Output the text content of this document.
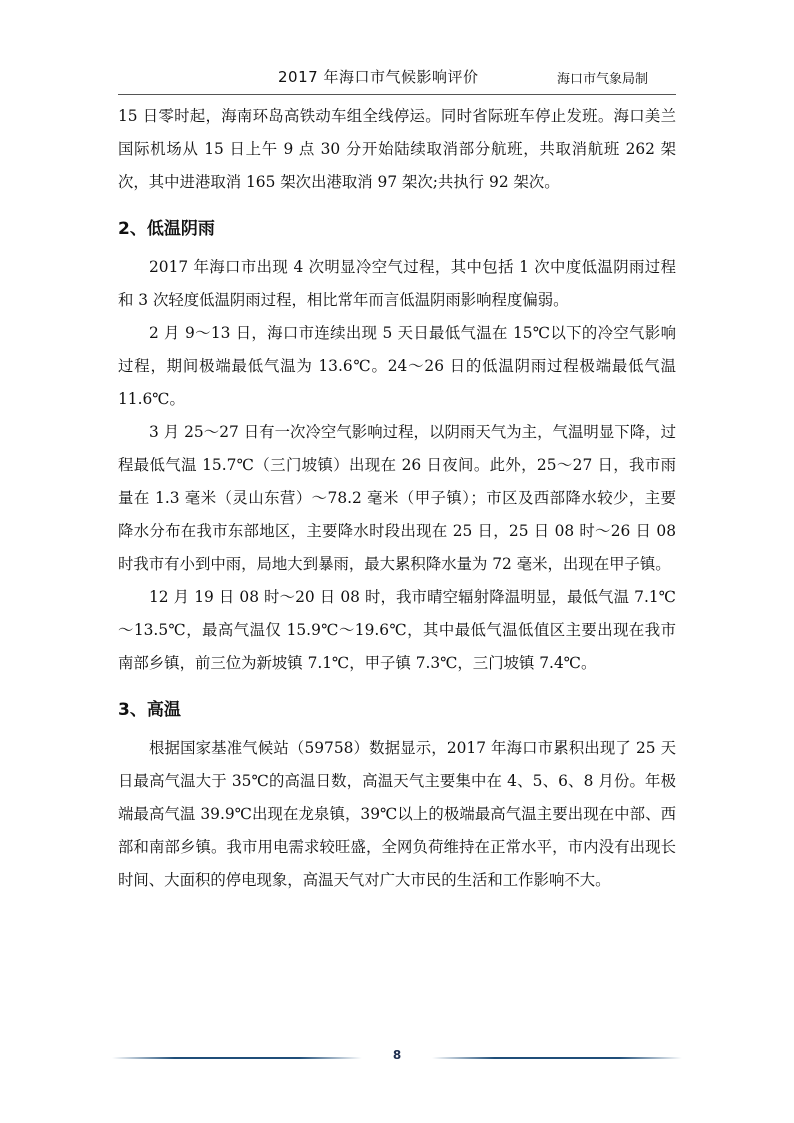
2017 年海口市气候影响评价	海口市气象局制

15 日零时起，海南环岛高铁动车组全线停运。同时省际班车停止发班。海口美兰国际机场从 15 日上午 9 点 30 分开始陆续取消部分航班，共取消航班 262 架次，其中进港取消 165 架次出港取消 97 架次;共执行 92 架次。

2、低温阴雨

2017 年海口市出现 4 次明显冷空气过程，其中包括 1 次中度低温阴雨过程和 3 次轻度低温阴雨过程，相比常年而言低温阴雨影响程度偏弱。

2 月 9～13 日，海口市连续出现 5 天日最低气温在 15℃以下的冷空气影响过程，期间极端最低气温为 13.6℃。24～26 日的低温阴雨过程极端最低气温 11.6℃。

3 月 25～27 日有一次冷空气影响过程，以阴雨天气为主，气温明显下降，过程最低气温 15.7℃（三门坡镇）出现在 26 日夜间。此外，25～27 日，我市雨量在 1.3 毫米（灵山东营）～78.2 毫米（甲子镇）；市区及西部降水较少，主要降水分布在我市东部地区，主要降水时段出现在 25 日，25 日 08 时～26 日 08 时我市有小到中雨，局地大到暴雨，最大累积降水量为 72 毫米，出现在甲子镇。

12 月 19 日 08 时～20 日 08 时，我市晴空辐射降温明显，最低气温 7.1℃～13.5℃，最高气温仅 15.9℃～19.6℃，其中最低气温低值区主要出现在我市南部乡镇，前三位为新坡镇 7.1℃，甲子镇 7.3℃，三门坡镇 7.4℃。

3、高温

根据国家基准气候站（59758）数据显示，2017 年海口市累积出现了 25 天日最高气温大于 35℃的高温日数，高温天气主要集中在 4、5、6、8 月份。年极端最高气温 39.9℃出现在龙泉镇，39℃以上的极端最高气温主要出现在中部、西部和南部乡镇。我市用电需求较旺盛，全网负荷维持在正常水平，市内没有出现长时间、大面积的停电现象，高温天气对广大市民的生活和工作影响不大。

8
